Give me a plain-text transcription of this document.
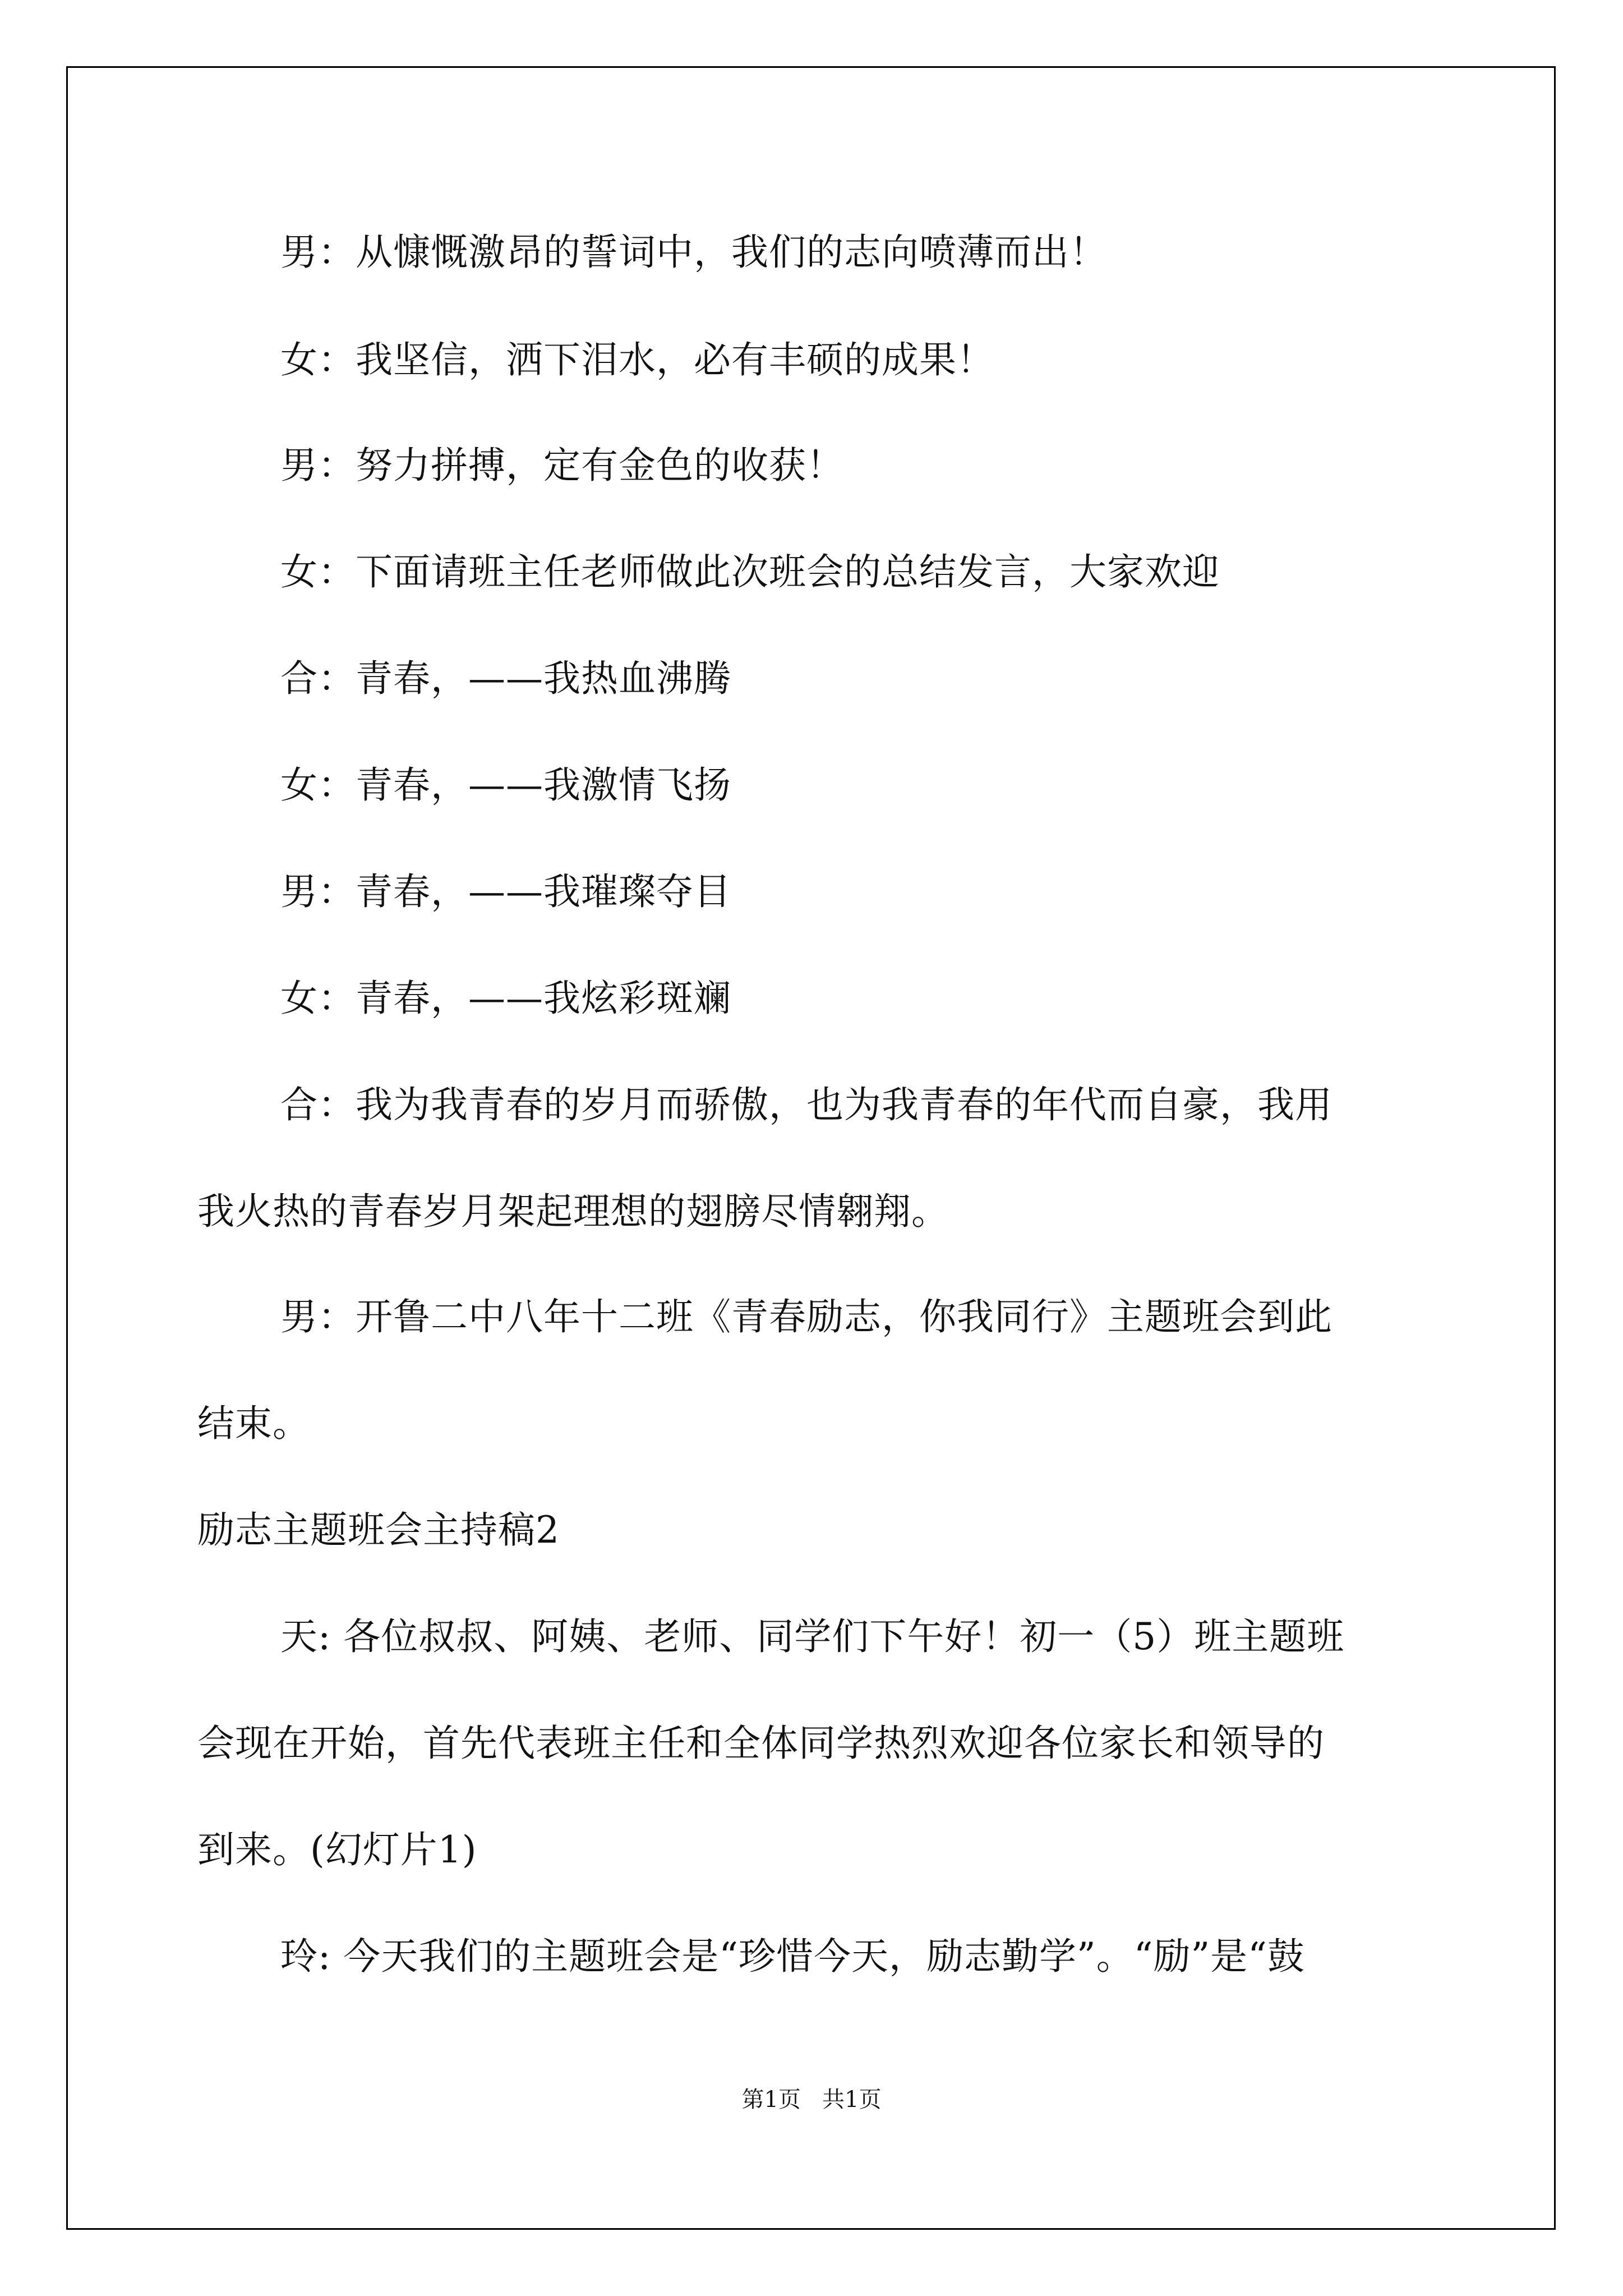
男：从慷慨激昂的誓词中，我们的志向喷薄而出！
女：我坚信，洒下泪水，必有丰硕的成果！
男：努力拼搏，定有金色的收获！
女：下面请班主任老师做此次班会的总结发言，大家欢迎
合：青春，——我热血沸腾
女：青春，——我激情飞扬
男：青春，——我璀璨夺目
女：青春，——我炫彩斑斓
合：我为我青春的岁月而骄傲，也为我青春的年代而自豪，我用
我火热的青春岁月架起理想的翅膀尽情翱翔。
男：开鲁二中八年十二班《青春励志，你我同行》主题班会到此
结束。
励志主题班会主持稿2
天: 各位叔叔、阿姨、老师、同学们下午好！初一（5）班主题班
会现在开始，首先代表班主任和全体同学热烈欢迎各位家长和领导的
到来。(幻灯片1)
玲: 今天我们的主题班会是“珍惜今天，励志勤学”。“励”是“鼓
第1页   共1页
